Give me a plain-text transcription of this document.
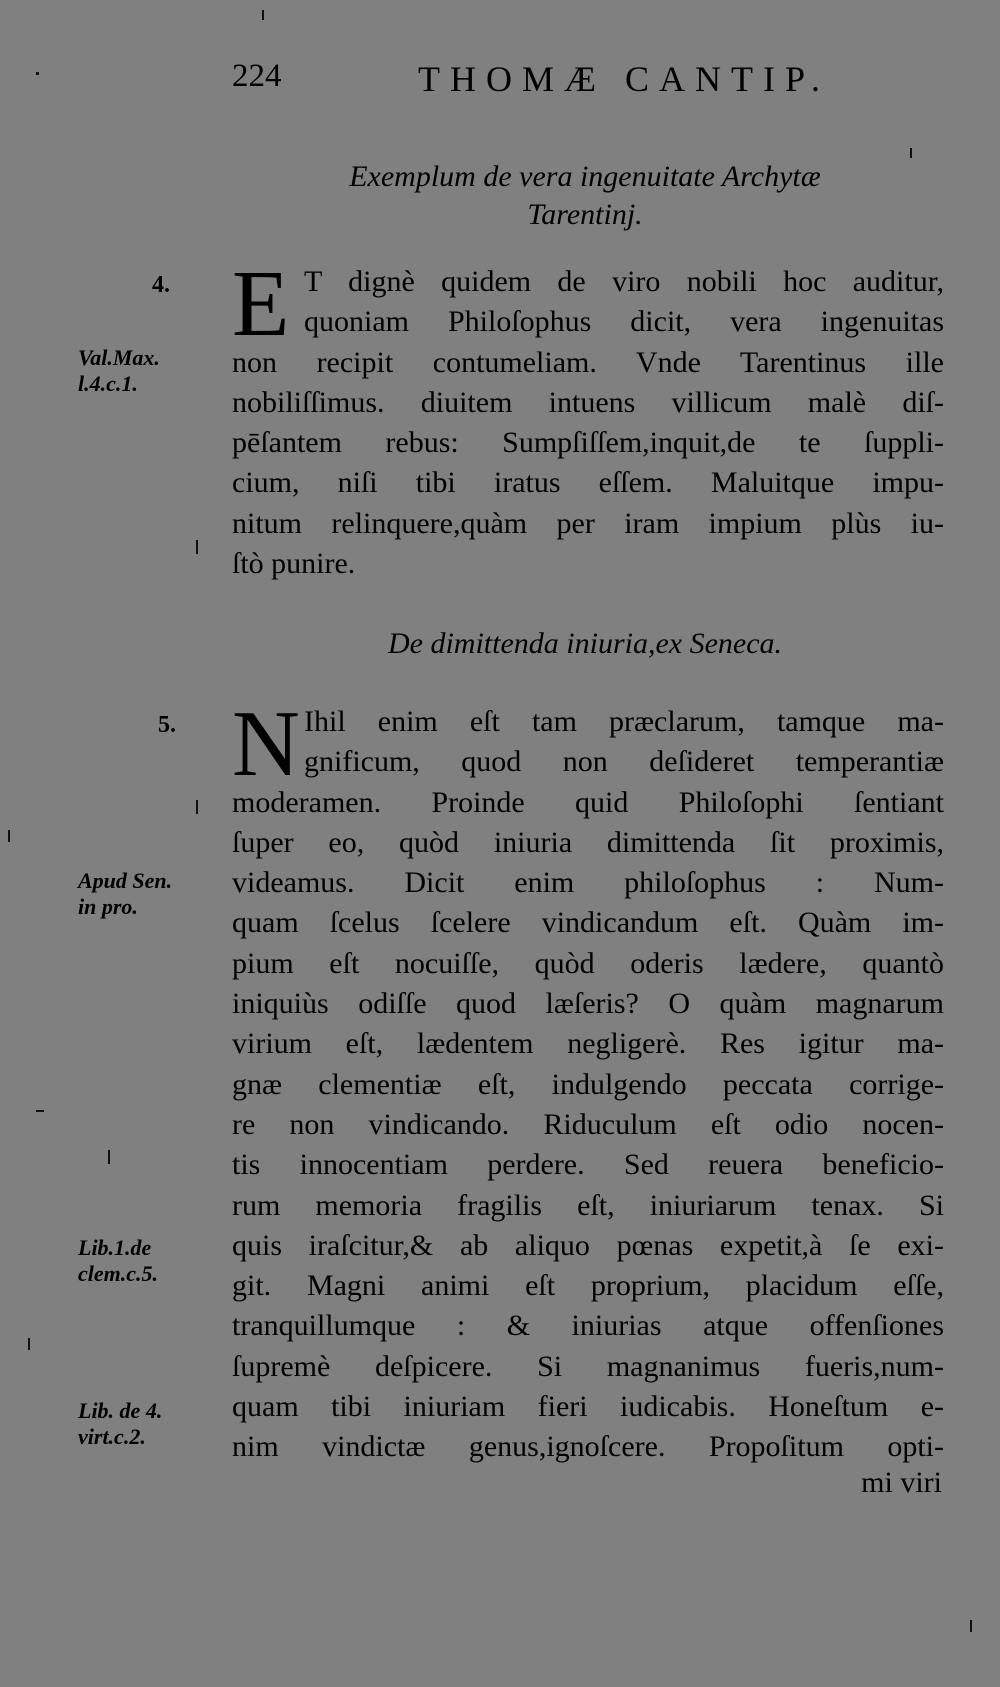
224	THOMÆ CANTIP.
Exemplum de vera ingenuitate Archytæ
Tarentinj.
4.
Val.Max.
l.4.c.1.
E T dignè quidem de viro nobili hoc auditur,
quoniam Philoſophus dicit, vera ingenuitas
non recipit contumeliam. Vnde Tarentinus ille
nobiliſſimus. diuitem intuens villicum malè diſ-
pēſantem rebus: Sumpſiſſem,inquit,de te ſuppli-
cium, niſi tibi iratus eſſem. Maluitque impu-
nitum relinquere,quàm per iram impium plùs iu-
ſtò punire.
De dimittenda iniuria,ex Seneca.
5.
Apud Sen.
in pro.
Lib.1.de
clem.c.5.
Lib. de 4.
virt.c.2.
N Ihil enim eſt tam præclarum, tamque ma-
gnificum, quod non deſideret temperantiæ
moderamen. Proinde quid Philoſophi ſentiant
ſuper eo, quòd iniuria dimittenda ſit proximis,
videamus. Dicit enim philoſophus : Num-
quam ſcelus ſcelere vindicandum eſt. Quàm im-
pium eſt nocuiſſe, quòd oderis lædere, quantò
iniquiùs odiſſe quod læſeris? O quàm magnarum
virium eſt, lædentem negligerè. Res igitur ma-
gnæ clementiæ eſt, indulgendo peccata corrige-
re non vindicando. Riduculum eſt odio nocen-
tis innocentiam perdere. Sed reuera beneficio-
rum memoria fragilis eſt, iniuriarum tenax. Si
quis iraſcitur,& ab aliquo pœnas expetit,à ſe exi-
git. Magni animi eſt proprium, placidum eſſe,
tranquillumque : & iniurias atque offenſiones
ſupremè deſpicere. Si magnanimus fueris,num-
quam tibi iniuriam fieri iudicabis. Honeſtum e-
nim vindictæ genus,ignoſcere. Propoſitum opti-
mi viri
